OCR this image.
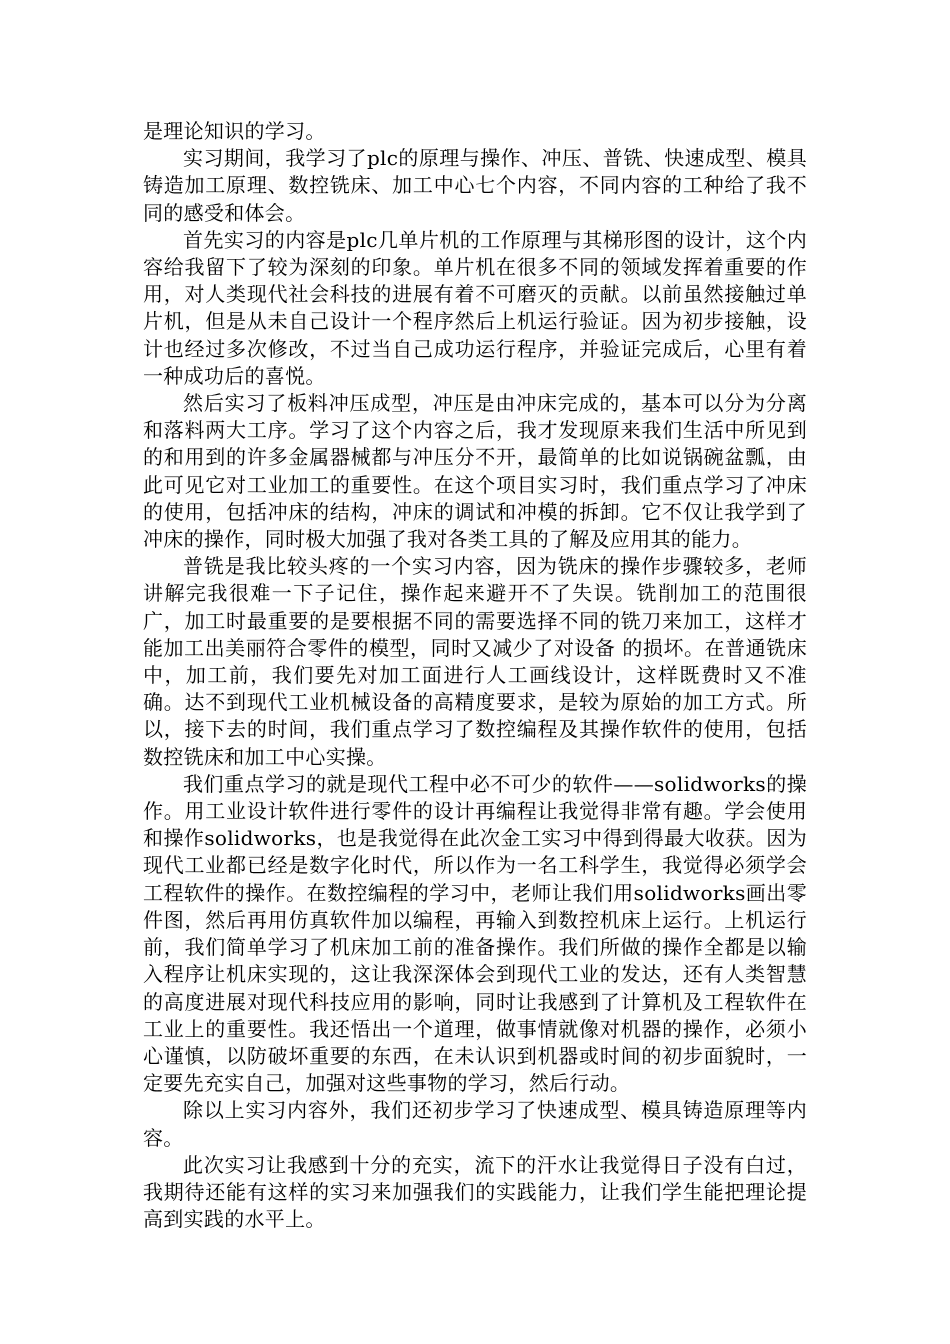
是理论知识的学习。

实习期间，我学习了plc的原理与操作、冲压、普铣、快速成型、模具铸造加工原理、数控铣床、加工中心七个内容，不同内容的工种给了我不同的感受和体会。

首先实习的内容是plc几单片机的工作原理与其梯形图的设计，这个内容给我留下了较为深刻的印象。单片机在很多不同的领域发挥着重要的作用，对人类现代社会科技的进展有着不可磨灭的贡献。以前虽然接触过单片机，但是从未自己设计一个程序然后上机运行验证。因为初步接触，设计也经过多次修改，不过当自己成功运行程序，并验证完成后，心里有着一种成功后的喜悦。

然后实习了板料冲压成型，冲压是由冲床完成的，基本可以分为分离和落料两大工序。学习了这个内容之后，我才发现原来我们生活中所见到的和用到的许多金属器械都与冲压分不开，最简单的比如说锅碗盆瓢，由此可见它对工业加工的重要性。在这个项目实习时，我们重点学习了冲床的使用，包括冲床的结构，冲床的调试和冲模的拆卸。它不仅让我学到了冲床的操作，同时极大加强了我对各类工具的了解及应用其的能力。

普铣是我比较头疼的一个实习内容，因为铣床的操作步骤较多，老师讲解完我很难一下子记住，操作起来避开不了失误。铣削加工的范围很广，加工时最重要的是要根据不同的需要选择不同的铣刀来加工，这样才能加工出美丽符合零件的模型，同时又减少了对设备 的损坏。在普通铣床中，加工前，我们要先对加工面进行人工画线设计，这样既费时又不准确。达不到现代工业机械设备的高精度要求，是较为原始的加工方式。所以，接下去的时间，我们重点学习了数控编程及其操作软件的使用，包括数控铣床和加工中心实操。

我们重点学习的就是现代工程中必不可少的软件——solidworks的操作。用工业设计软件进行零件的设计再编程让我觉得非常有趣。学会使用和操作solidworks，也是我觉得在此次金工实习中得到得最大收获。因为现代工业都已经是数字化时代，所以作为一名工科学生，我觉得必须学会工程软件的操作。在数控编程的学习中，老师让我们用solidworks画出零件图，然后再用仿真软件加以编程，再输入到数控机床上运行。上机运行前，我们简单学习了机床加工前的准备操作。我们所做的操作全都是以输入程序让机床实现的，这让我深深体会到现代工业的发达，还有人类智慧的高度进展对现代科技应用的影响，同时让我感到了计算机及工程软件在工业上的重要性。我还悟出一个道理，做事情就像对机器的操作，必须小心谨慎，以防破坏重要的东西，在未认识到机器或时间的初步面貌时，一定要先充实自己，加强对这些事物的学习，然后行动。

除以上实习内容外，我们还初步学习了快速成型、模具铸造原理等内容。

此次实习让我感到十分的充实，流下的汗水让我觉得日子没有白过，我期待还能有这样的实习来加强我们的实践能力，让我们学生能把理论提高到实践的水平上。
